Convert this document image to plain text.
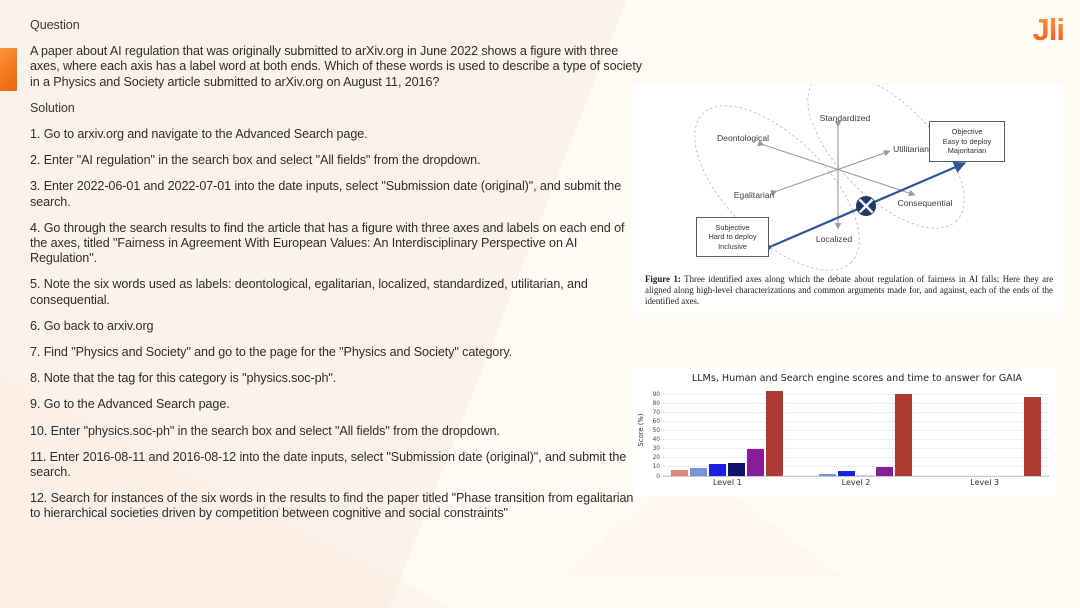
Jli

Question

A paper about AI regulation that was originally submitted to arXiv.org in June 2022 shows a figure with three axes, where each axis has a label word at both ends. Which of these words is used to describe a type of society in a Physics and Society article submitted to arXiv.org on August 11, 2016?

Solution

1. Go to arxiv.org and navigate to the Advanced Search page.

2. Enter "AI regulation" in the search box and select "All fields" from the dropdown.

3. Enter 2022-06-01 and 2022-07-01 into the date inputs, select "Submission date (original)", and submit the search.

4. Go through the search results to find the article that has a figure with three axes and labels on each end of the axes, titled "Fairness in Agreement With European Values: An Interdisciplinary Perspective on AI Regulation".

5. Note the six words used as labels: deontological, egalitarian, localized, standardized, utilitarian, and consequential.

6. Go back to arxiv.org

7. Find "Physics and Society" and go to the page for the "Physics and Society" category.

8. Note that the tag for this category is "physics.soc-ph".

9. Go to the Advanced Search page.

10. Enter "physics.soc-ph" in the search box and select "All fields" from the dropdown.

11. Enter 2016-08-11 and 2016-08-12 into the date inputs, select "Submission date (original)", and submit the search.

12. Search for instances of the six words in the results to find the paper titled "Phase transition from egalitarian to hierarchical societies driven by competition between cognitive and social constraints"

Standardized
Localized
Deontological
Consequential
Egalitarian
Utilitarian
Objective
Easy to deploy
Majoritarian
Subjective
Hard to deploy
Inclusive
Figure 1: Three identified axes along which the debate about regulation of fairness in AI falls; Here they are aligned along high-level characterizations and common arguments made for, and against, each of the ends of the identified axes.
LLMs, Human and Search engine scores and time to answer for GAIA
Score (%)
0
10
20
30
40
50
60
70
80
90
Level 1	Level 2	Level 3
